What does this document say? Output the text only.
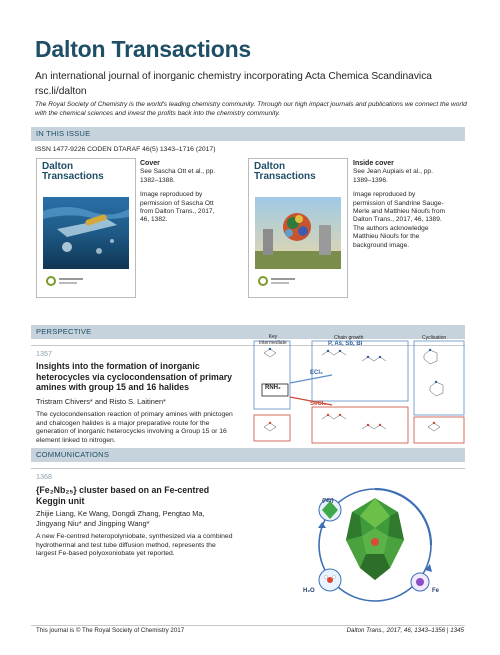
Dalton Transactions
An international journal of inorganic chemistry incorporating Acta Chemica Scandinavica
rsc.li/dalton
The Royal Society of Chemistry is the world's leading chemistry community. Through our high impact journals and publications we connect the world with the chemical sciences and invest the profits back into the chemistry community.
IN THIS ISSUE
ISSN 1477-9226 CODEN DTARAF 46(5) 1343–1716 (2017)
Dalton
Transactions
Cover
See Sascha Ott et al., pp. 1382–1388.
Image reproduced by permission of Sascha Ott from Dalton Trans., 2017, 46, 1382.
Dalton
Transactions
Inside cover
See Jean Aupiais et al., pp. 1389–1396.
Image reproduced by permission of Sandrine Sauge-Merle and Matthieu Nioufs from Dalton Trans., 2017, 46, 1389. The authors acknowledge Matthieu Nioufs for the background image.
PERSPECTIVE
1357
Insights into the formation of inorganic heterocycles via cyclocondensation of primary amines with group 15 and 16 halides
Tristram Chivers* and Risto S. Laitinen*
The cyclocondensation reaction of primary amines with pnictogen and chalcogen halides is a major preparative route for the generation of inorganic heterocycles involving a Group 15 or 16 element linked to nitrogen.
Key intermediate
Chain growth	Cyclisation
P, As, Sb, Bi
RNH₂
ECl₃
SeCl₂
COMMUNICATIONS
1368
{Fe₂Nb₂₅} cluster based on an Fe-centred Keggin unit
Zhijie Liang, Ke Wang, Dongdi Zhang, Pengtao Ma, Jingyang Niu* and Jingping Wang*
A new Fe-centred heteropolyniobate, synthesized via a combined hydrothermal and test tube diffusion method, represents the largest Fe-based polyoxoniobate yet reported.
{Nb}
H₂O	Fe
This journal is © The Royal Society of Chemistry 2017	Dalton Trans., 2017, 46, 1343–1356 | 1345
